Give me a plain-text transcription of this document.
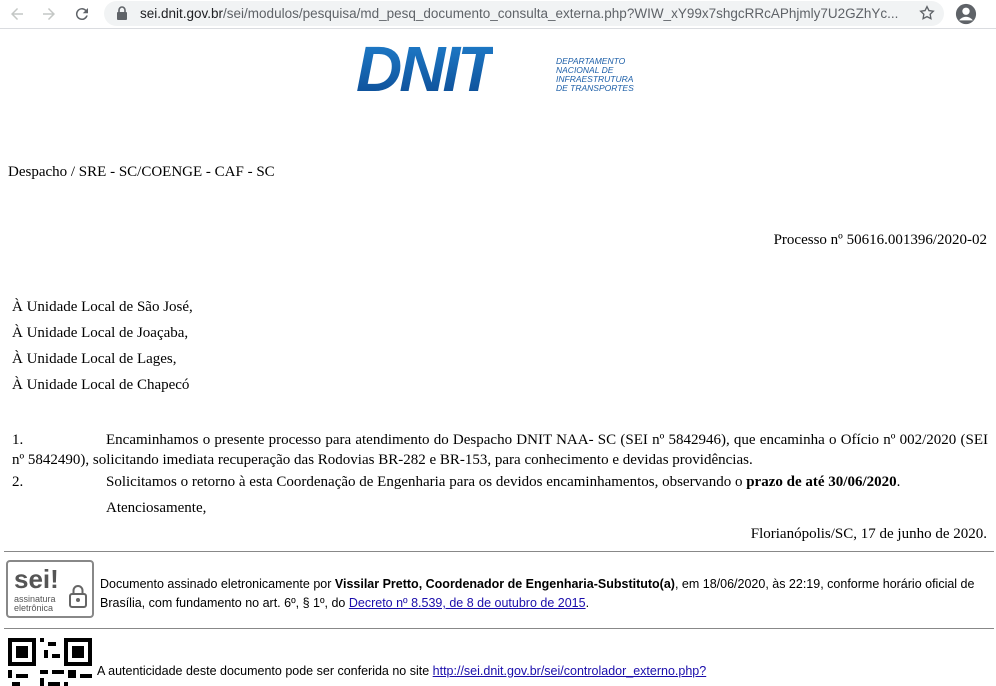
sei.dnit.gov.br/sei/modulos/pesquisa/md_pesq_documento_consulta_externa.php?WIW_xY99x7shgcRRcAPhjmly7U2GZhYc...
DNIT	DEPARTAMENTO
NACIONAL DE
INFRAESTRUTURA
DE TRANSPORTES
Despacho / SRE - SC/COENGE - CAF - SC
Processo nº 50616.001396/2020-02
À Unidade Local de São José,
À Unidade Local de Joaçaba,
À Unidade Local de Lages,
À Unidade Local de Chapecó
1.	Encaminhamos o presente processo para atendimento do Despacho DNIT NAA- SC (SEI nº 5842946), que encaminha o Ofício nº 002/2020 (SEI nº 5842490), solicitando imediata recuperação das Rodovias BR-282 e BR-153, para conhecimento e devidas providências.
2.	Solicitamos o retorno à esta Coordenação de Engenharia para os devidos encaminhamentos, observando o prazo de até 30/06/2020.
Atenciosamente,
Florianópolis/SC, 17 de junho de 2020.
sei!
assinatura
eletrônica
Documento assinado eletronicamente por Vissilar Pretto, Coordenador de Engenharia-Substituto(a), em 18/06/2020, às 22:19, conforme horário oficial de Brasília, com fundamento no art. 6º, § 1º, do Decreto nº 8.539, de 8 de outubro de 2015.
A autenticidade deste documento pode ser conferida no site http://sei.dnit.gov.br/sei/controlador_externo.php?
